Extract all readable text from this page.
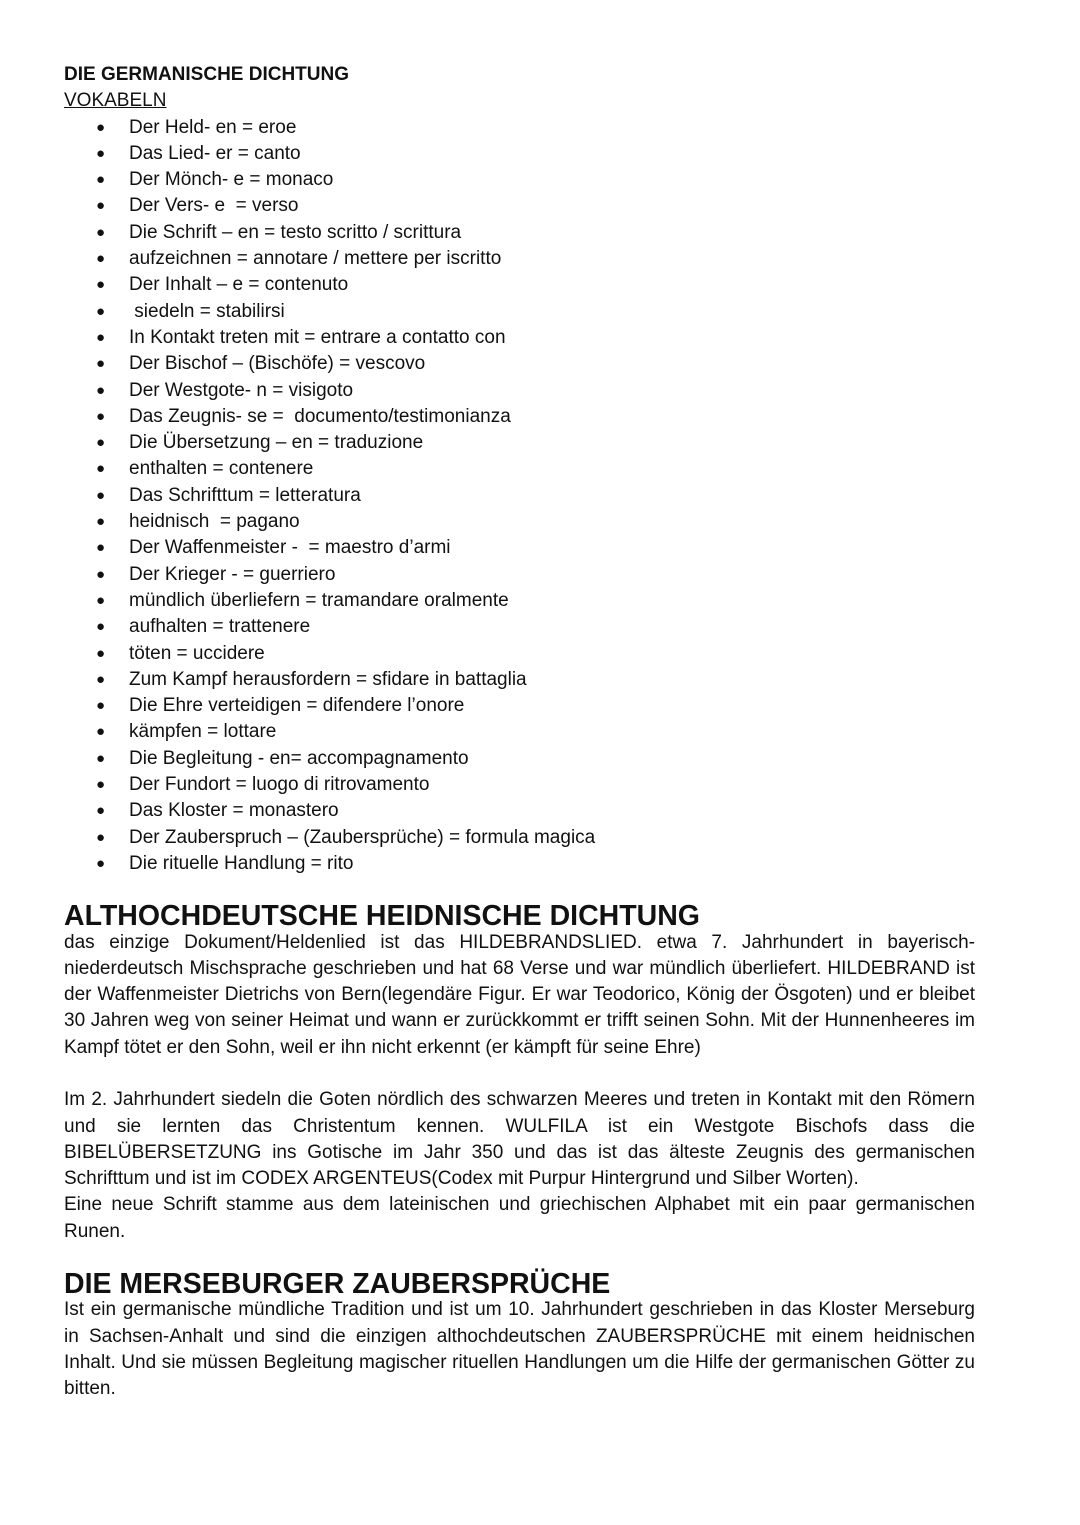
DIE GERMANISCHE DICHTUNG
VOKABELN
● Der Held- en = eroe
● Das Lied- er = canto
● Der Mönch- e = monaco
● Der Vers- e  = verso
● Die Schrift – en = testo scritto / scrittura
● aufzeichnen = annotare / mettere per iscritto
● Der Inhalt – e = contenuto
● siedeln = stabilirsi
● In Kontakt treten mit = entrare a contatto con
● Der Bischof – (Bischöfe) = vescovo
● Der Westgote- n = visigoto
● Das Zeugnis- se =  documento/testimonianza
● Die Übersetzung – en = traduzione
● enthalten = contenere
● Das Schrifttum = letteratura
● heidnisch  = pagano
● Der Waffenmeister -  = maestro d’armi
● Der Krieger - = guerriero
● mündlich überliefern = tramandare oralmente
● aufhalten = trattenere
● töten = uccidere
● Zum Kampf herausfordern = sfidare in battaglia
● Die Ehre verteidigen = difendere l’onore
● kämpfen = lottare
● Die Begleitung - en= accompagnamento
● Der Fundort = luogo di ritrovamento
● Das Kloster = monastero
● Der Zauberspruch – (Zaubersprüche) = formula magica
● Die rituelle Handlung = rito
ALTHOCHDEUTSCHE HEIDNISCHE DICHTUNG

das einzige Dokument/Heldenlied ist das HILDEBRANDSLIED. etwa 7. Jahrhundert in bayerisch-niederdeutsch Mischsprache geschrieben und hat 68 Verse und war mündlich überliefert. HILDEBRAND ist der Waffenmeister Dietrichs von Bern(legendäre Figur. Er war Teodorico, König der Ösgoten) und er bleibet 30 Jahren weg von seiner Heimat und wann er zurückkommt er trifft seinen Sohn. Mit der Hunnenheeres im Kampf tötet er den Sohn, weil er ihn nicht erkennt (er kämpft für seine Ehre)

Im 2. Jahrhundert siedeln die Goten nördlich des schwarzen Meeres und treten in Kontakt mit den Römern und sie lernten das Christentum kennen. WULFILA ist ein Westgote Bischofs dass die BIBELÜBERSETZUNG ins Gotische im Jahr 350 und das ist das älteste Zeugnis des germanischen Schrifttum und ist im CODEX ARGENTEUS(Codex mit Purpur Hintergrund und Silber Worten).

Eine neue Schrift stamme aus dem lateinischen und griechischen Alphabet mit ein paar germanischen Runen.

DIE MERSEBURGER ZAUBERSPRÜCHE

Ist ein germanische mündliche Tradition und ist um 10. Jahrhundert geschrieben in das Kloster Merseburg in Sachsen-Anhalt und sind die einzigen althochdeutschen ZAUBERSPRÜCHE mit einem heidnischen Inhalt. Und sie müssen Begleitung magischer rituellen Handlungen um die Hilfe der germanischen Götter zu bitten.
